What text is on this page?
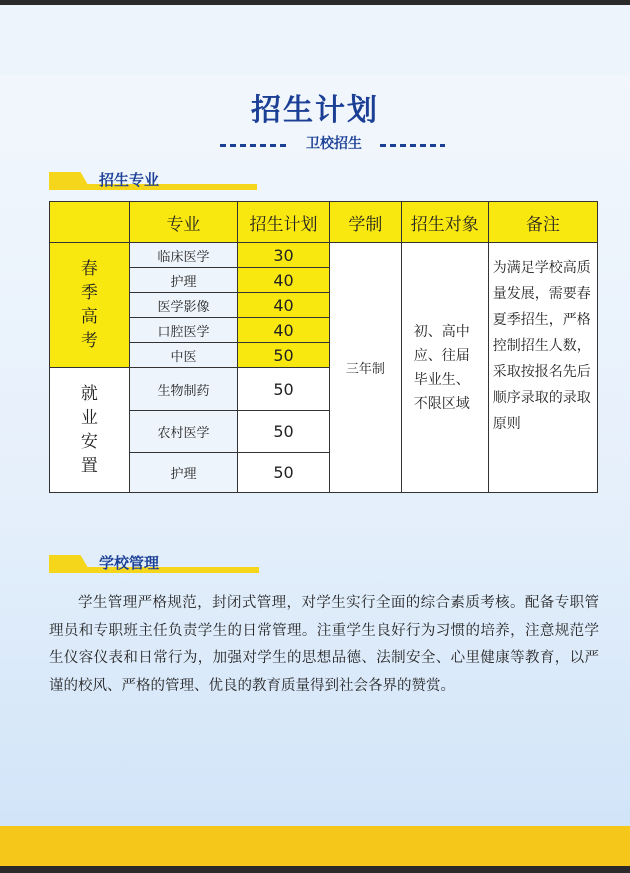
招生计划
卫校招生
招生专业
	专业	招生计划	学制	招生对象	备注
春季高考	临床医学	30	三年制	初、高中应、往届毕业生、不限区域	为满足学校高质量发展，需要春夏季招生，严格控制招生人数，采取按报名先后顺序录取的录取原则

	护理	40			
	医学影像	40			
	口腔医学	40			
	中医	50			
就业安置	生物制药	50			
	农村医学	50			
	护理	50			
学校管理
学生管理严格规范，封闭式管理，对学生实行全面的综合素质考核。配备专职管理员和专职班主任负责学生的日常管理。注重学生良好行为习惯的培养，注意规范学生仪容仪表和日常行为，加强对学生的思想品德、法制安全、心里健康等教育，以严谨的校风、严格的管理、优良的教育质量得到社会各界的赞赏。
